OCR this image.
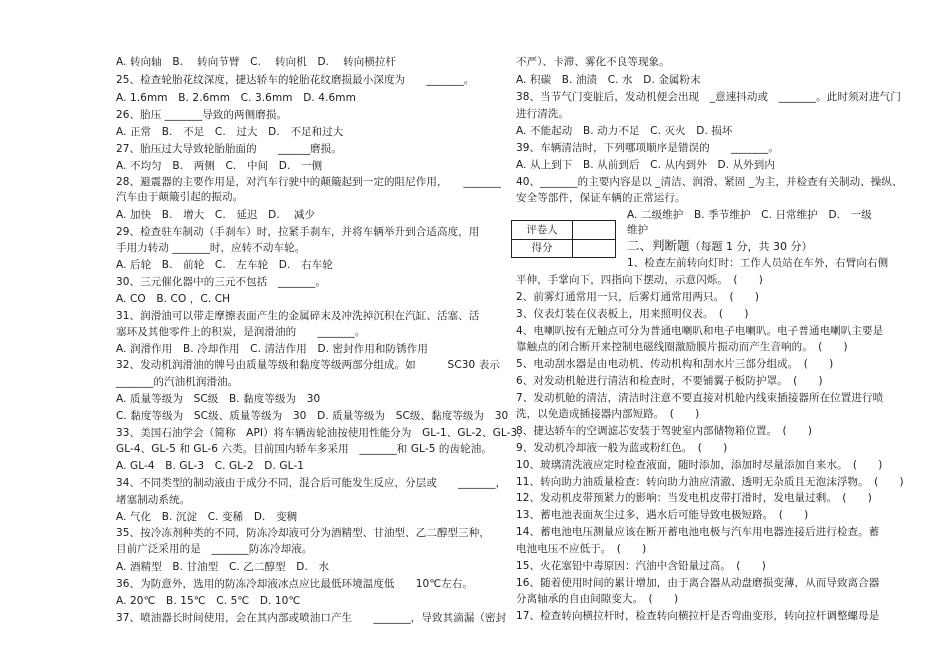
A. 转向轴　B.　 转向节臂　C.　 转向机　D.　 转向横拉杆
25、检查轮胎花纹深度，捷达轿车的轮胎花纹磨损最小深度为　　_______。
A. 1.6mm　B. 2.6mm　C. 3.6mm　D. 4.6mm
26、胎压 _______导致的两侧磨损。
A. 正常　B.　不足　C.　过大　D.　不足和过大
27、胎压过大导致轮胎胎面的　　______磨损。
A. 不均匀　B.　两侧　C.　中间　D.　一侧
28、避震器的主要作用是，对汽车行驶中的颠簸起到一定的阻尼作用，　　_______
汽车由于颠簸引起的振动。
A. 加快　B.　增大　C.　延迟　D.　 减少
29、检查驻车制动（手刹车）时，拉紧手刹车，并将车辆举升到合适高度，用
手用力转动 _______时，应转不动车轮。
A. 后轮　B.　前轮　C.　左车轮　D.　右车轮
30、三元催化器中的三元不包括　_______。
A. CO　B. CO ，C. CH
31、润滑油可以带走摩擦表面产生的金属碎末及冲洗掉沉积在汽缸、活塞、活
塞环及其他零件上的积炭，是润滑油的　　_______。
A. 润滑作用　B. 冷却作用　C. 清洁作用　D. 密封作用和防锈作用
32、发动机润滑油的牌号由质量等级和黏度等级两部分组成。如　　　SC30 表示
_______的汽油机润滑油。
A. 质量等级为　SC级　B. 黏度等级为　30
C. 黏度等级为　SC级、质量等级为　30　D. 质量等级为　SC级、黏度等级为　30
33、美国石油学会（简称　API）将车辆齿轮油按使用性能分为　GL-1、GL-2、GL-3、
GL-4、GL-5 和 GL-6 六类。目前国内轿车多采用　_______和 GL-5 的齿轮油。
A. GL-4　B. GL-3　C. GL-2　D. GL-1
34、不同类型的制动液由于成分不同，混合后可能发生反应，分层或　　_______，
堵塞制动系统。
A. 气化　B. 沉淀　C. 变稀　D.　变稠
35、按冷冻剂种类的不同，防冻冷却液可分为酒精型、甘油型、乙二醇型三种，
目前广泛采用的是　_______防冻冷却液。
A. 酒精型　B. 甘油型　C. 乙二醇型　D.　水
36、为防意外，选用的防冻冷却液冰点应比最低环境温度低　　10℃左右。
A. 20℃　B. 15℃　C. 5℃　D. 10℃
37、喷油器长时间使用，会在其内部或喷油口产生　　_______，导致其滴漏（密封
不严）、卡滞、雾化不良等现象。
A. 积碳　B. 油渍　C. 水　D. 金属粉末
38、当节气门变脏后，发动机便会出现　_意速抖动或　_______。此时须对进气门
进行清洗。
A. 不能起动　B. 动力不足　C. 灭火　D. 损坏
39、车辆清洁时，下列哪项顺序是错误的　　_______。
A. 从上到下　B. 从前到后　C. 从内到外　D. 从外到内
40、_______的主要内容是以 _清洁、润滑、紧固 _为主，并检查有关制动、操纵、
安全等部件，保证车辆的正常运行。
A. 二级维护　B. 季节维护　C. 日常维护　D.　一级
维护
评卷人
得分	二、判断题（每题 1 分，共 30 分）
1、检查左前转向灯时：工作人员站在车外，右臂向右侧
平伸，手掌向下，四指向下摆动，示意闪烁。　(　　)
2、前雾灯通常用一只，后雾灯通常用两只。　(　　)
3、仪表灯装在仪表板上，用来照明仪表。　(　　)
4、电喇叭按有无触点可分为普通电喇叭和电子电喇叭。电子普通电喇叭主要是
靠触点的闭合断开来控制电磁线圈激励膜片振动而产生音响的。　(　　)
5、电动刮水器是由电动机、传动机构和刮水片三部分组成。　(　　)
6、对发动机舱进行清洁和检查时，不要铺翼子板防护罩。　(　　)
7、发动机舱的清洁，清洁时注意不要直接对机舱内线束插接器所在位置进行喷
洗，以免造成插接器内部短路。　(　　)
8、捷达轿车的空调滤芯安装于驾驶室内部储物箱位置。　(　　)
9、发动机冷却液一般为蓝或粉红色。　(　　)
10、玻璃清洗液应定时检查液面，随时添加，添加时尽量添加自来水。　(　　)
11、转向助力油质量检查：转向助力油应清澈、透明无杂质且无泡沫浮物。　(　　)
12、发动机皮带预紧力的影响：当发电机皮带打滑时，发电量过剩。　(　　)
13、蓄电池表面灰尘过多，遇水后可能导致电极短路。　(　　)
14、蓄电池电压测量应该在断开蓄电池电极与汽车用电器连接后进行检查。蓄
电池电压不应低于。　(　　)
15、火花塞铅中毒原因：汽油中含铅量过高。　(　　)
16、随着使用时间的累计增加，由于离合器从动盘磨损变薄，从而导致离合器
分离轴承的自由间隙变大。　(　　)
17、检查转向横拉杆时，检查转向横拉杆是否弯曲变形，转向拉杆调整螺母是
